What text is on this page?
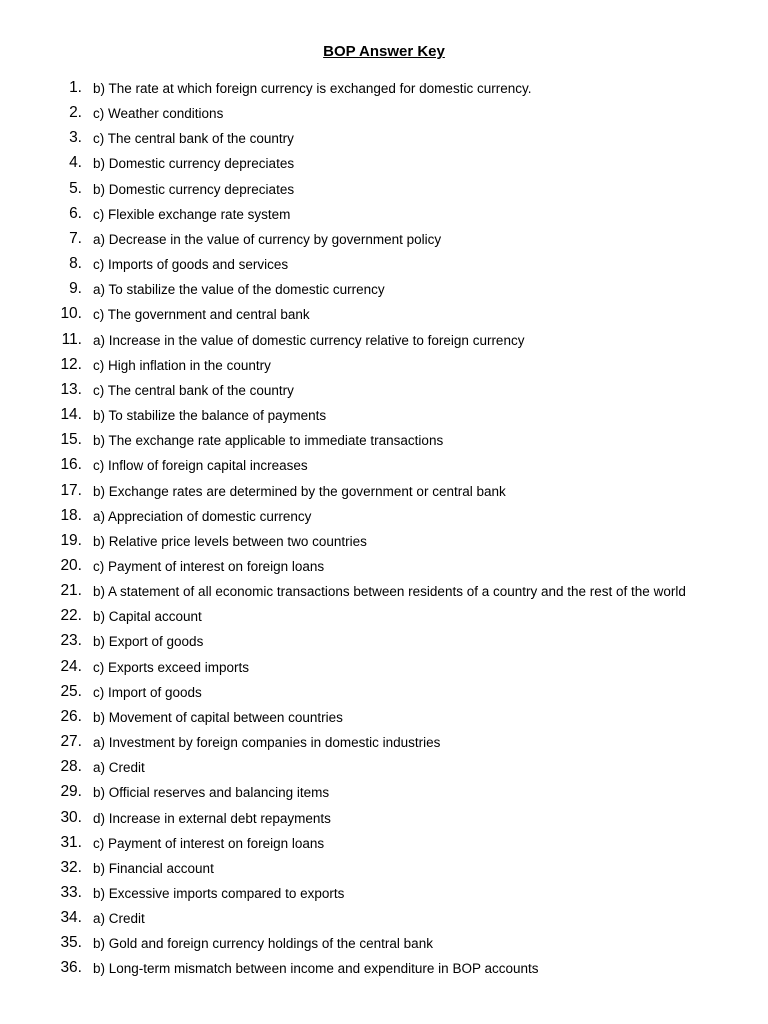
BOP Answer Key
1. b) The rate at which foreign currency is exchanged for domestic currency.
2. c) Weather conditions
3. c) The central bank of the country
4. b) Domestic currency depreciates
5. b) Domestic currency depreciates
6. c) Flexible exchange rate system
7. a) Decrease in the value of currency by government policy
8. c) Imports of goods and services
9. a) To stabilize the value of the domestic currency
10. c) The government and central bank
11. a) Increase in the value of domestic currency relative to foreign currency
12. c) High inflation in the country
13. c) The central bank of the country
14. b) To stabilize the balance of payments
15. b) The exchange rate applicable to immediate transactions
16. c) Inflow of foreign capital increases
17. b) Exchange rates are determined by the government or central bank
18. a) Appreciation of domestic currency
19. b) Relative price levels between two countries
20. c) Payment of interest on foreign loans
21. b) A statement of all economic transactions between residents of a country and the rest of the world
22. b) Capital account
23. b) Export of goods
24. c) Exports exceed imports
25. c) Import of goods
26. b) Movement of capital between countries
27. a) Investment by foreign companies in domestic industries
28. a) Credit
29. b) Official reserves and balancing items
30. d) Increase in external debt repayments
31. c) Payment of interest on foreign loans
32. b) Financial account
33. b) Excessive imports compared to exports
34. a) Credit
35. b) Gold and foreign currency holdings of the central bank
36. b) Long-term mismatch between income and expenditure in BOP accounts
